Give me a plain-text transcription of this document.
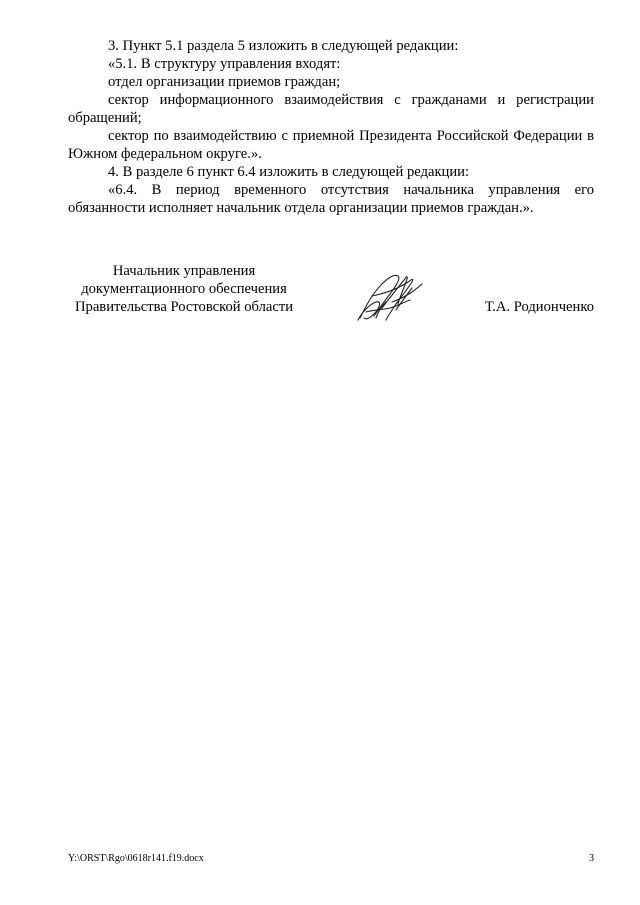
3. Пункт 5.1 раздела 5 изложить в следующей редакции:

«5.1. В структуру управления входят:

отдел организации приемов граждан;

сектор информационного взаимодействия с гражданами и регистрации обращений;

сектор по взаимодействию с приемной Президента Российской Федерации в Южном федеральном округе.».

4. В разделе 6 пункт 6.4 изложить в следующей редакции:

«6.4. В период временного отсутствия начальника управления его обязанности исполняет начальник отдела организации приемов граждан.».

Начальник управления
документационного обеспечения
Правительства Ростовской области	Т.А. Родионченко
Y:\ORST\Rgo\0618r141.f19.docx	3
